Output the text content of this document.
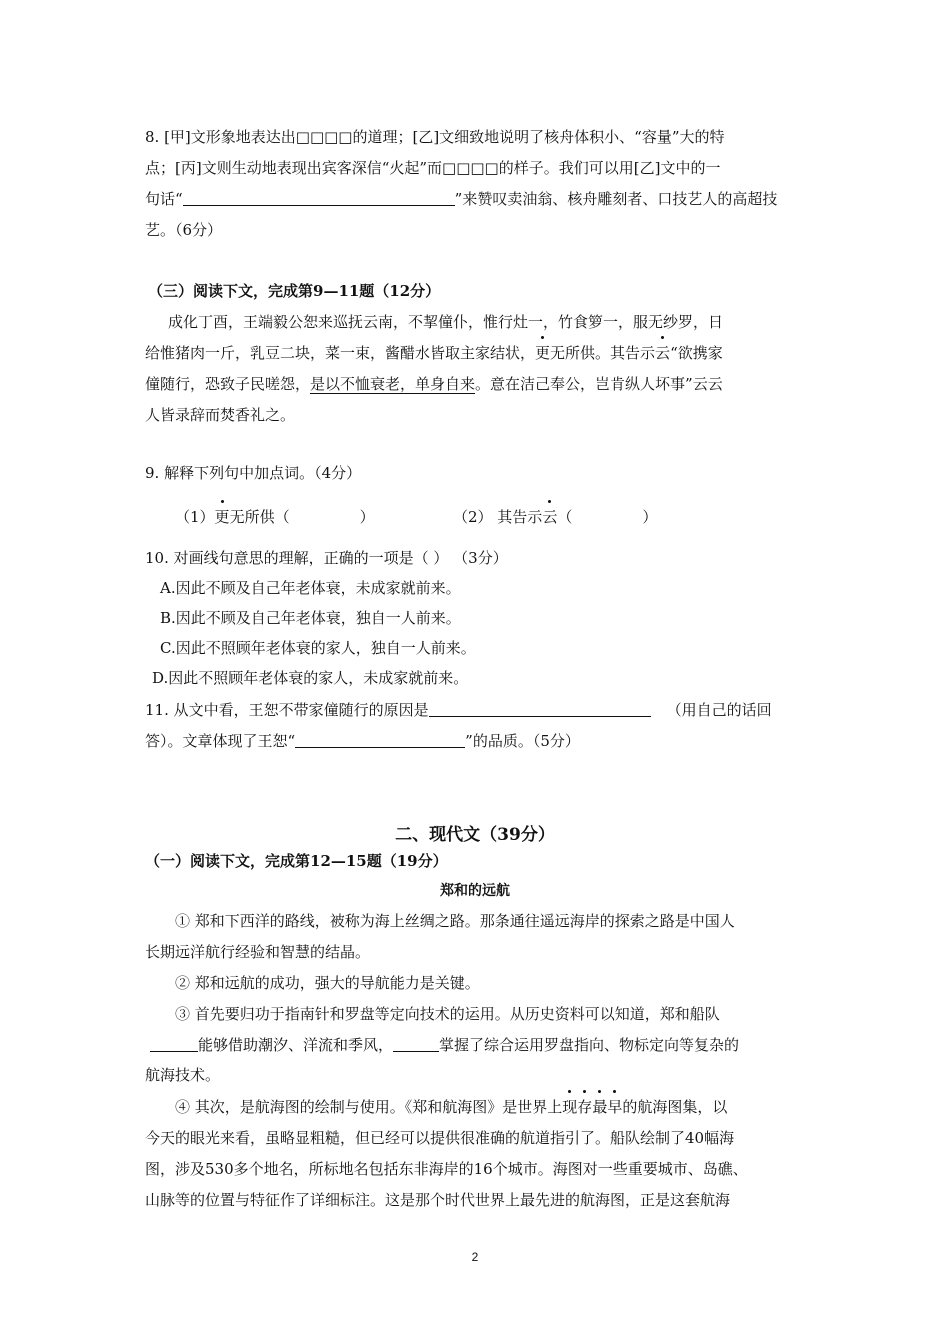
8. [甲]文形象地表达出□□□□的道理；[乙]文细致地说明了核舟体积小、“容量”大的特
点；[丙]文则生动地表现出宾客深信“火起”而□□□□的样子。我们可以用[乙]文中的一
句话“	”来赞叹卖油翁、核舟雕刻者、口技艺人的高超技
艺。（6分）
（三）阅读下文，完成第9—11题（12分）
成化丁酉，王端毅公恕来巡抚云南，不挈僮仆，惟行灶一，竹食箩一，服无纱罗，日
给惟猪肉一斤，乳豆二块，菜一束，酱醋水皆取主家结状，更无所供。其告示云“欲携家
僮随行，恐致子民嗟怨，是以不恤衰老，单身自来。意在洁己奉公，岂肯纵人坏事”云云
人皆录辞而焚香礼之。
9. 解释下列句中加点词。（4分）
（1）更无所供（	）	（2） 其告示云（	）
10. 对画线句意思的理解，正确的一项是（ ） （3分）
A.因此不顾及自己年老体衰，未成家就前来。
B.因此不顾及自己年老体衰，独自一人前来。
C.因此不照顾年老体衰的家人，独自一人前来。
D.因此不照顾年老体衰的家人，未成家就前来。
11. 从文中看，王恕不带家僮随行的原因是	（用自己的话回
答）。文章体现了王恕“	”的品质。（5分）
二、现代文（39分）
（一）阅读下文，完成第12—15题（19分）
郑和的远航
① 郑和下西洋的路线，被称为海上丝绸之路。那条通往遥远海岸的探索之路是中国人
长期远洋航行经验和智慧的结晶。
② 郑和远航的成功，强大的导航能力是关键。
③ 首先要归功于指南针和罗盘等定向技术的运用。从历史资料可以知道，郑和船队
能够借助潮汐、洋流和季风，	掌握了综合运用罗盘指向、物标定向等复杂的
航海技术。
④ 其次，是航海图的绘制与使用。《郑和航海图》是世界上现存最早的航海图集，以
今天的眼光来看，虽略显粗糙，但已经可以提供很准确的航道指引了。船队绘制了40幅海
图，涉及530多个地名，所标地名包括东非海岸的16个城市。海图对一些重要城市、岛礁、
山脉等的位置与特征作了详细标注。这是那个时代世界上最先进的航海图，正是这套航海
2
